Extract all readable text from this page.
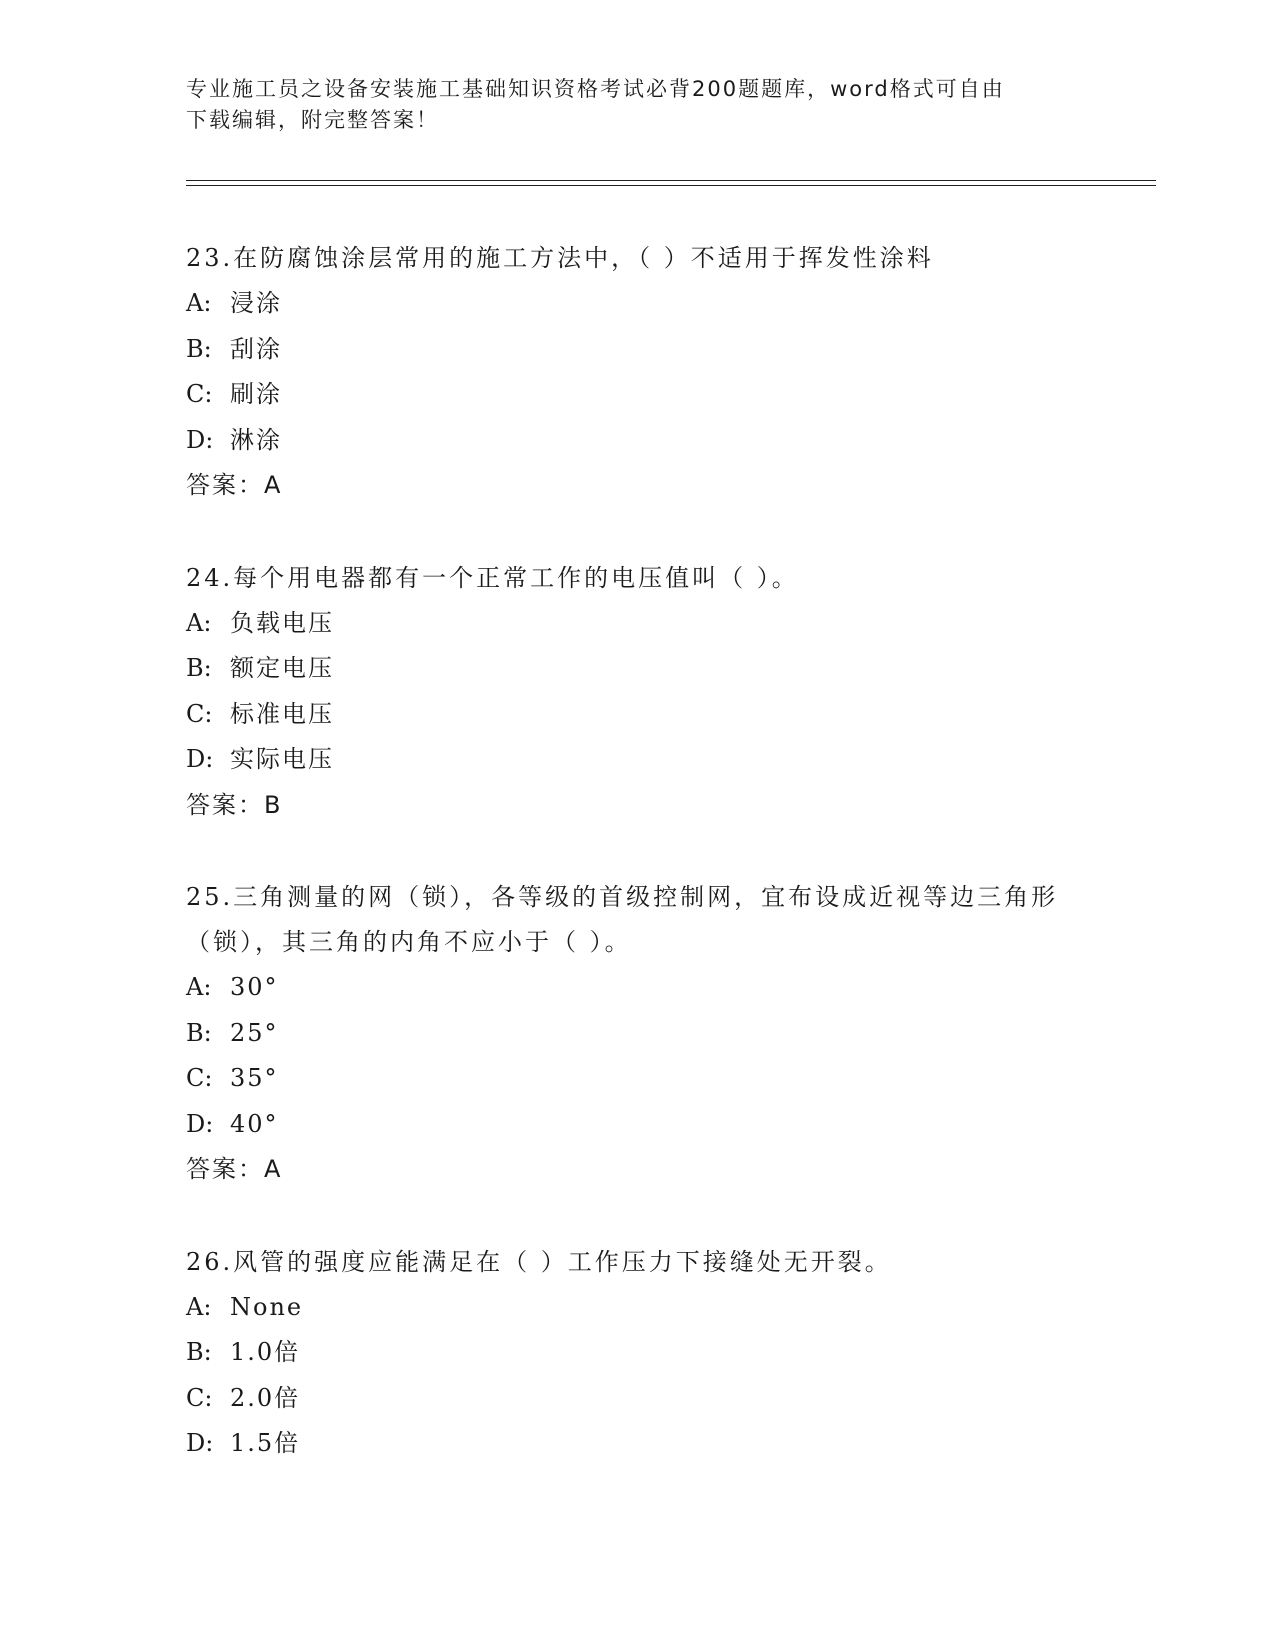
专业施工员之设备安装施工基础知识资格考试必背200题题库，word格式可自由
下载编辑，附完整答案！
23.在防腐蚀涂层常用的施工方法中，（ ）不适用于挥发性涂料
A: 浸涂
B: 刮涂
C: 刷涂
D: 淋涂
答案：A
24.每个用电器都有一个正常工作的电压值叫（ ）。
A: 负载电压
B: 额定电压
C: 标准电压
D: 实际电压
答案：B
25.三角测量的网（锁），各等级的首级控制网，宜布设成近视等边三角形（锁），其三角的内角不应小于（ ）。
A: 30°
B: 25°
C: 35°
D: 40°
答案：A
26.风管的强度应能满足在（ ）工作压力下接缝处无开裂。
A: None
B: 1.0倍
C: 2.0倍
D: 1.5倍
